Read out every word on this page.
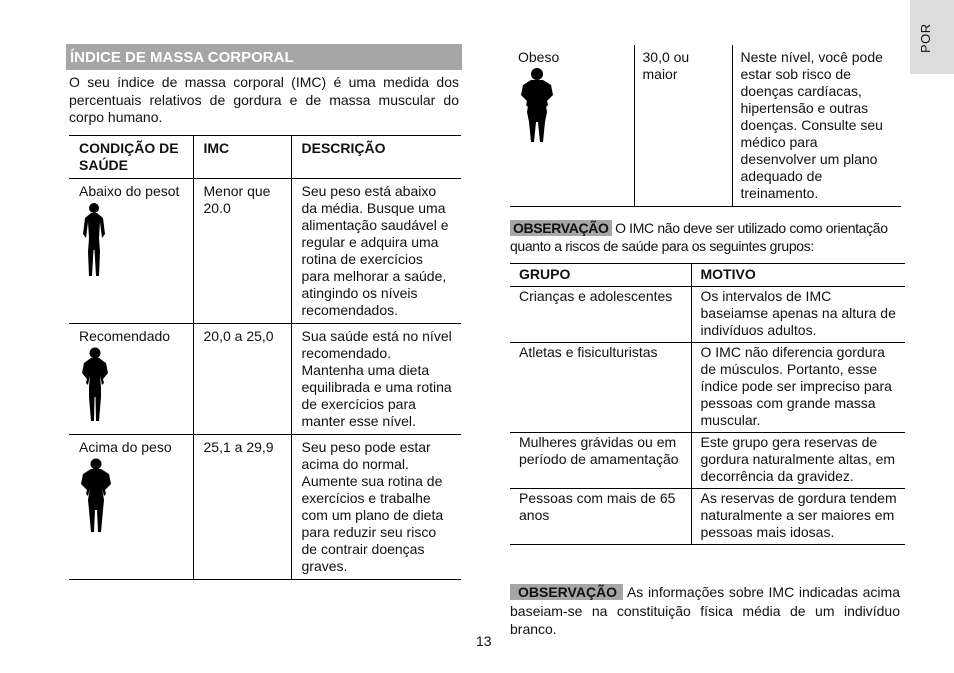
POR
ÍNDICE DE MASSA CORPORAL

O seu índice de massa corporal (IMC) é uma medida dos percentuais relativos de gordura e de massa muscular do corpo humano.

CONDIÇÃO DE SAÚDE	IMC	DESCRIÇÃO

Abaixo do pesot	Menor que 20.0	Seu peso está abaixo da média. Busque uma alimentação saudável e regular e adquira uma rotina de exercícios para melhorar a saúde, atingindo os níveis recomendados.

Recomendado	20,0 a 25,0	Sua saúde está no nível recomendado. Mantenha uma dieta equilibrada e uma rotina de exercícios para manter esse nível.

Acima do peso	25,1 a 29,9	Seu peso pode estar acima do normal. Aumente sua rotina de exercícios e trabalhe com um plano de dieta para reduzir seu risco de contrair doenças graves.
Obeso	30,0 ou maior	Neste nível, você pode estar sob risco de doenças cardíacas, hipertensão e outras doenças. Consulte seu médico para desenvolver um plano adequado de treinamento.

OBSERVAÇÃO O IMC não deve ser utilizado como orientação quanto a riscos de saúde para os seguintes grupos:

GRUPO	MOTIVO
Crianças e adolescentes	Os intervalos de IMC baseiamse apenas na altura de indivíduos adultos.
Atletas e fisiculturistas	O IMC não diferencia gordura de músculos. Portanto, esse índice pode ser impreciso para pessoas com grande massa muscular.
Mulheres grávidas ou em período de amamentação	Este grupo gera reservas de gordura naturalmente altas, em decorrência da gravidez.
Pessoas com mais de 65 anos	As reservas de gordura tendem naturalmente a ser maiores em pessoas mais idosas.

OBSERVAÇÃO As informações sobre IMC indicadas acima baseiam-se na constituição física média de um indivíduo branco.

13
